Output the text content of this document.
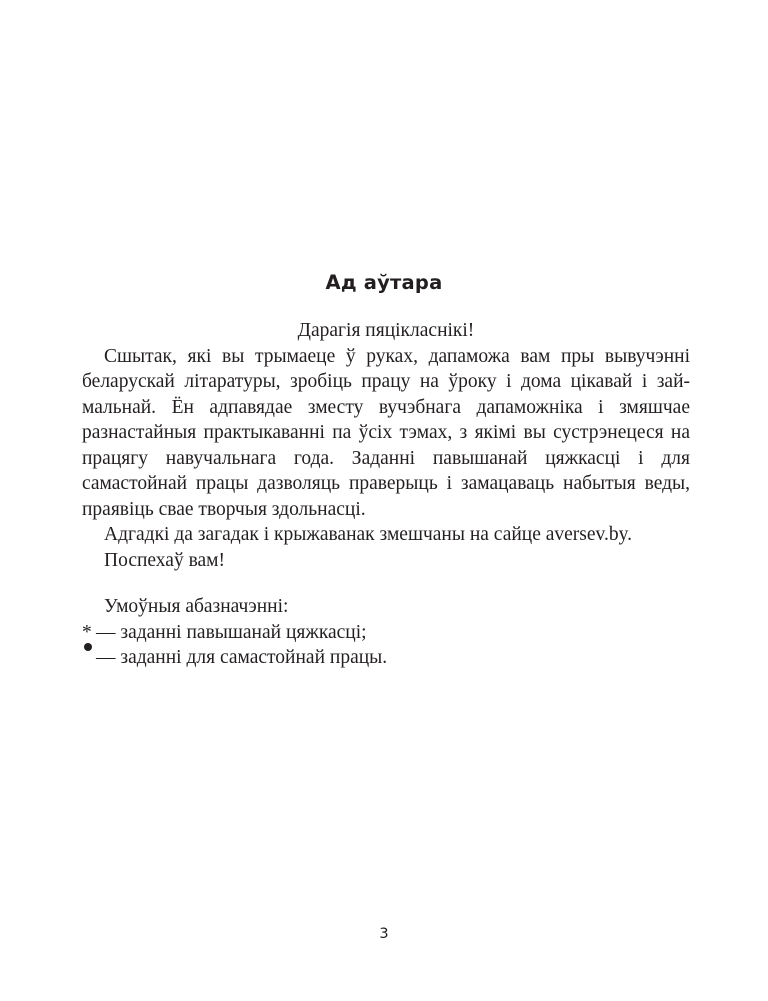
Ад аўтара

Дарагія пяцікласнікі!

Сшытак, які вы трымаеце ў руках, дапаможа вам пры вывучэнні беларускай літаратуры, зробіць працу на ўроку і дома цікавай і займальнай. Ён адпавядае зместу вучэбнага дапаможніка і змяшчае разнастайныя практыкаванні па ўсіх тэмах, з якімі вы сустрэнецеся на працягу навучальнага года. Заданні павышанай цяжкасці і для самастойнай працы дазволяць праверыць і замацаваць набытыя веды, праявіць свае творчыя здольнасці.

Адгадкі да загадак і крыжаванак змешчаны на сайце aversev.by.

Поспехаў вам!

Умоўныя абазначэнні:

* — заданні павышанай цяжкасці;

— заданні для самастойнай працы.

3
